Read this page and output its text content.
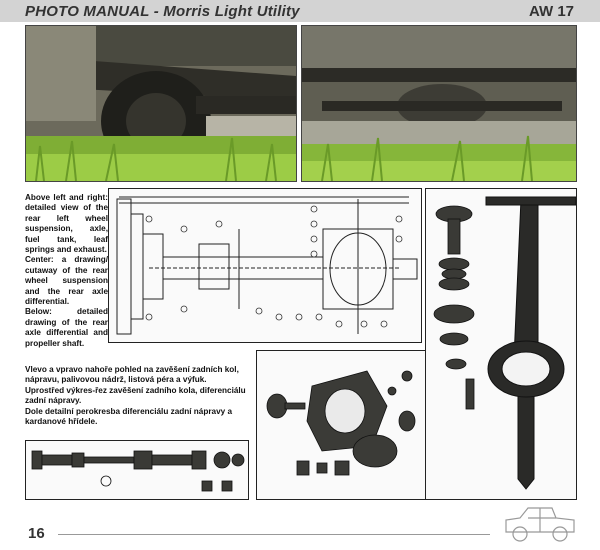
PHOTO MANUAL - Morris Light Utility	AW 17

Above left and right: detailed view of the rear left wheel suspension, axle, fuel tank, leaf springs and exhaust.

Center: a drawing/ cutaway of the rear wheel suspension and the rear axle differential.

Below: detailed drawing of the rear axle differential and propeller shaft.

Vlevo a vpravo nahoře pohled na zavěšení zadních kol, nápravu, palivovou nádrž, listová péra a výfuk.

Uprostřed výkres-řez zavěšení zadního kola, diferenciálu zadní nápravy.

Dole detailní perokresba diferenciálu zadní nápravy a kardanové hřídele.

16
